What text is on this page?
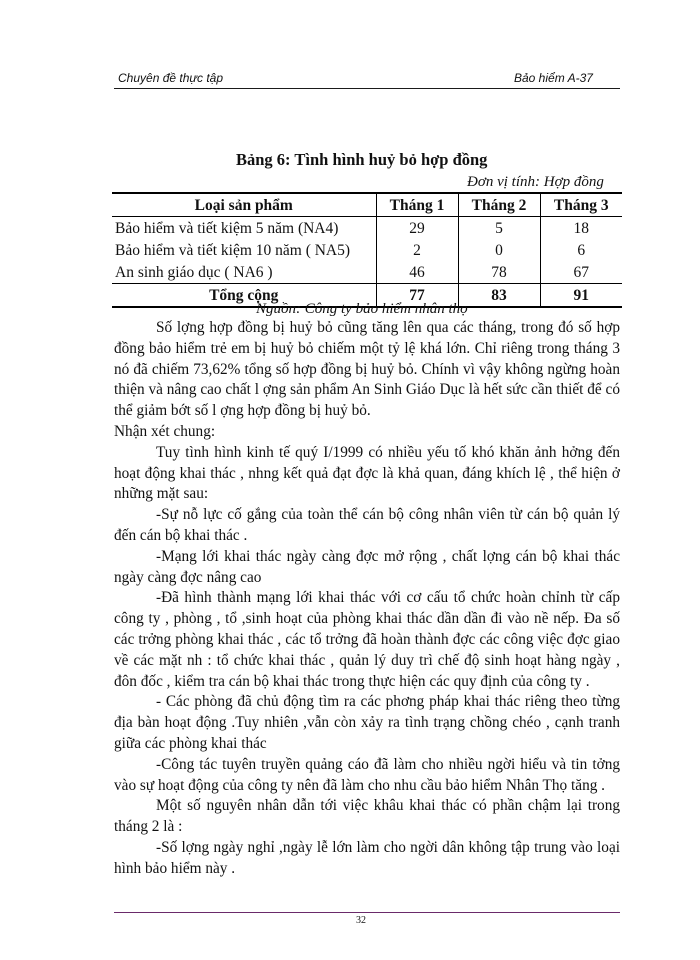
Chuyên đề thực tập	Bảo hiểm A-37
Bảng 6: Tình hình huỷ bỏ hợp đồng
Đơn vị tính: Hợp đồng
Loại sản phẩm	Tháng 1	Tháng 2	Tháng 3
Bảo hiểm và tiết kiệm 5 năm (NA4)	29	5	18
Bảo hiểm và tiết kiệm 10 năm ( NA5)	2	0	6
An sinh giáo dục ( NA6 )	46	78	67
Tổng cộng	77	83	91
Nguồn: Công ty bảo hiểm nhân thọ

Số lợng hợp đồng bị huỷ bỏ cũng tăng lên qua các tháng, trong đó số hợp đồng bảo hiểm trẻ em bị huỷ bỏ chiếm một tỷ lệ khá lớn. Chỉ riêng trong tháng 3 nó đã chiếm 73,62% tổng số hợp đồng bị huỷ bỏ. Chính vì vậy không ngừng hoàn thiện và nâng cao chất l ợng sản phẩm An Sinh Giáo Dục là hết sức cần thiết để có thể giảm bớt số l ợng hợp đồng bị huỷ bỏ.

Nhận xét chung:

Tuy tình hình kinh tế quý I/1999 có nhiều yếu tố khó khăn ảnh hởng đến hoạt động khai thác , nhng kết quả đạt đợc là khả quan, đáng khích lệ , thể hiện ở những mặt sau:

-Sự nỗ lực cố gắng của toàn thể cán bộ công nhân viên từ cán bộ quản lý đến cán bộ khai thác .

-Mạng lới khai thác ngày càng đợc mở rộng , chất lợng cán bộ khai thác ngày càng đợc nâng cao

-Đã hình thành mạng lới khai thác với cơ cấu tổ chức hoàn chỉnh từ cấp công ty , phòng , tổ ,sinh hoạt của phòng khai thác dần dần đi vào nề nếp. Đa số các trởng phòng khai thác , các tổ trởng đã hoàn thành đợc các công việc đợc giao về các mặt nh : tổ chức khai thác , quản lý duy trì chế độ sinh hoạt hàng ngày , đôn đốc , kiểm tra cán bộ khai thác trong thực hiện các quy định của công ty .

- Các phòng đã chủ động tìm ra các phơng pháp khai thác riêng theo từng địa bàn hoạt động .Tuy nhiên ,vẫn còn xảy ra tình trạng chồng chéo , cạnh tranh giữa các phòng khai thác

-Công tác tuyên truyền quảng cáo đã làm cho nhiều ngời hiểu và tin tởng vào sự hoạt động của công ty nên đã làm cho nhu cầu bảo hiểm Nhân Thọ tăng .

Một số nguyên nhân dẫn tới việc khâu khai thác có phần chậm lại trong tháng 2 là :

-Số lợng ngày nghỉ ,ngày lễ lớn làm cho ngời dân không tập trung vào loại hình bảo hiểm này .

32
